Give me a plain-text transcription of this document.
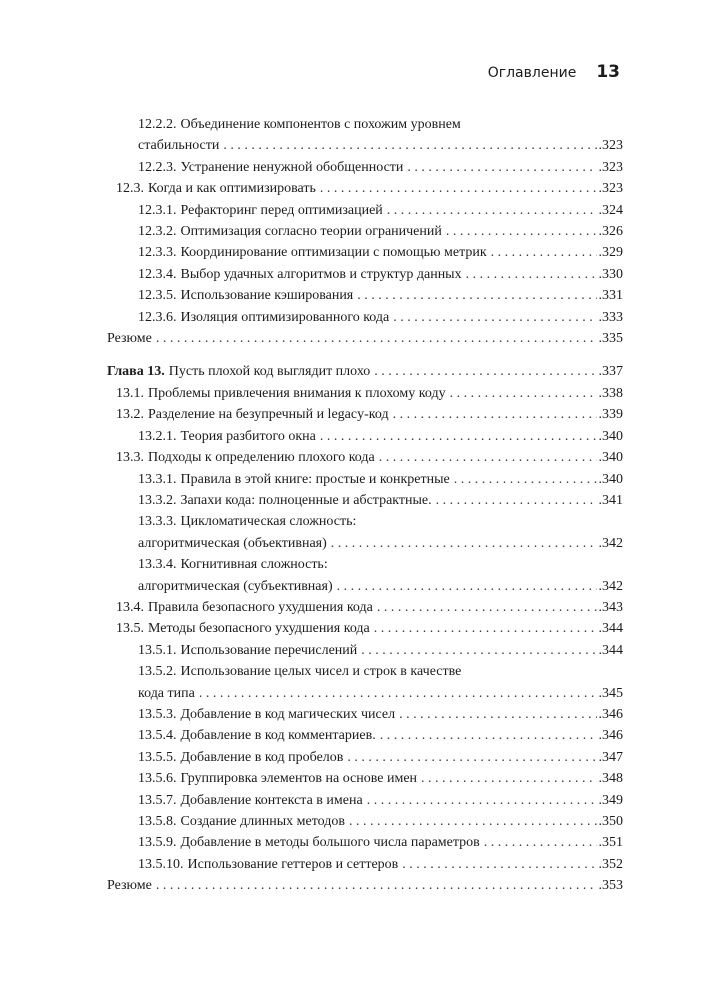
Оглавление 13
12.2.2. Объединение компонентов с похожим уровнем
стабильности . . .	.323
12.2.3. Устранение ненужной обобщенности . . .	.323
12.3. Когда и как оптимизировать . . .	.323
12.3.1. Рефакторинг перед оптимизацией . . .	.324
12.3.2. Оптимизация согласно теории ограничений . . .	.326
12.3.3. Координирование оптимизации с помощью метрик . . .	.329
12.3.4. Выбор удачных алгоритмов и структур данных . . .	.330
12.3.5. Использование кэширования . . .	.331
12.3.6. Изоляция оптимизированного кода . . .	.333
Резюме . . .	.335
Глава 13. Пусть плохой код выглядит плохо . . .	.337
13.1. Проблемы привлечения внимания к плохому коду . . .	.338
13.2. Разделение на безупречный и legacy-код . . .	.339
13.2.1. Теория разбитого окна . . .	.340
13.3. Подходы к определению плохого кода . . .	.340
13.3.1. Правила в этой книге: простые и конкретные . . .	.340
13.3.2. Запахи кода: полноценные и абстрактные. . . .	.341
13.3.3. Цикломатическая сложность:
алгоритмическая (объективная) . . .	.342
13.3.4. Когнитивная сложность:
алгоритмическая (субъективная) . . .	.342
13.4. Правила безопасного ухудшения кода . . .	.343
13.5. Методы безопасного ухудшения кода . . .	.344
13.5.1. Использование перечислений . . .	.344
13.5.2. Использование целых чисел и строк в качестве
кода типа . . .	.345
13.5.3. Добавление в код магических чисел . . .	.346
13.5.4. Добавление в код комментариев. . . .	.346
13.5.5. Добавление в код пробелов . . .	.347
13.5.6. Группировка элементов на основе имен . . .	.348
13.5.7. Добавление контекста в имена . . .	.349
13.5.8. Создание длинных методов . . .	.350
13.5.9. Добавление в методы большого числа параметров . . .	.351
13.5.10. Использование геттеров и сеттеров . . .	.352
Резюме . . .	.353
